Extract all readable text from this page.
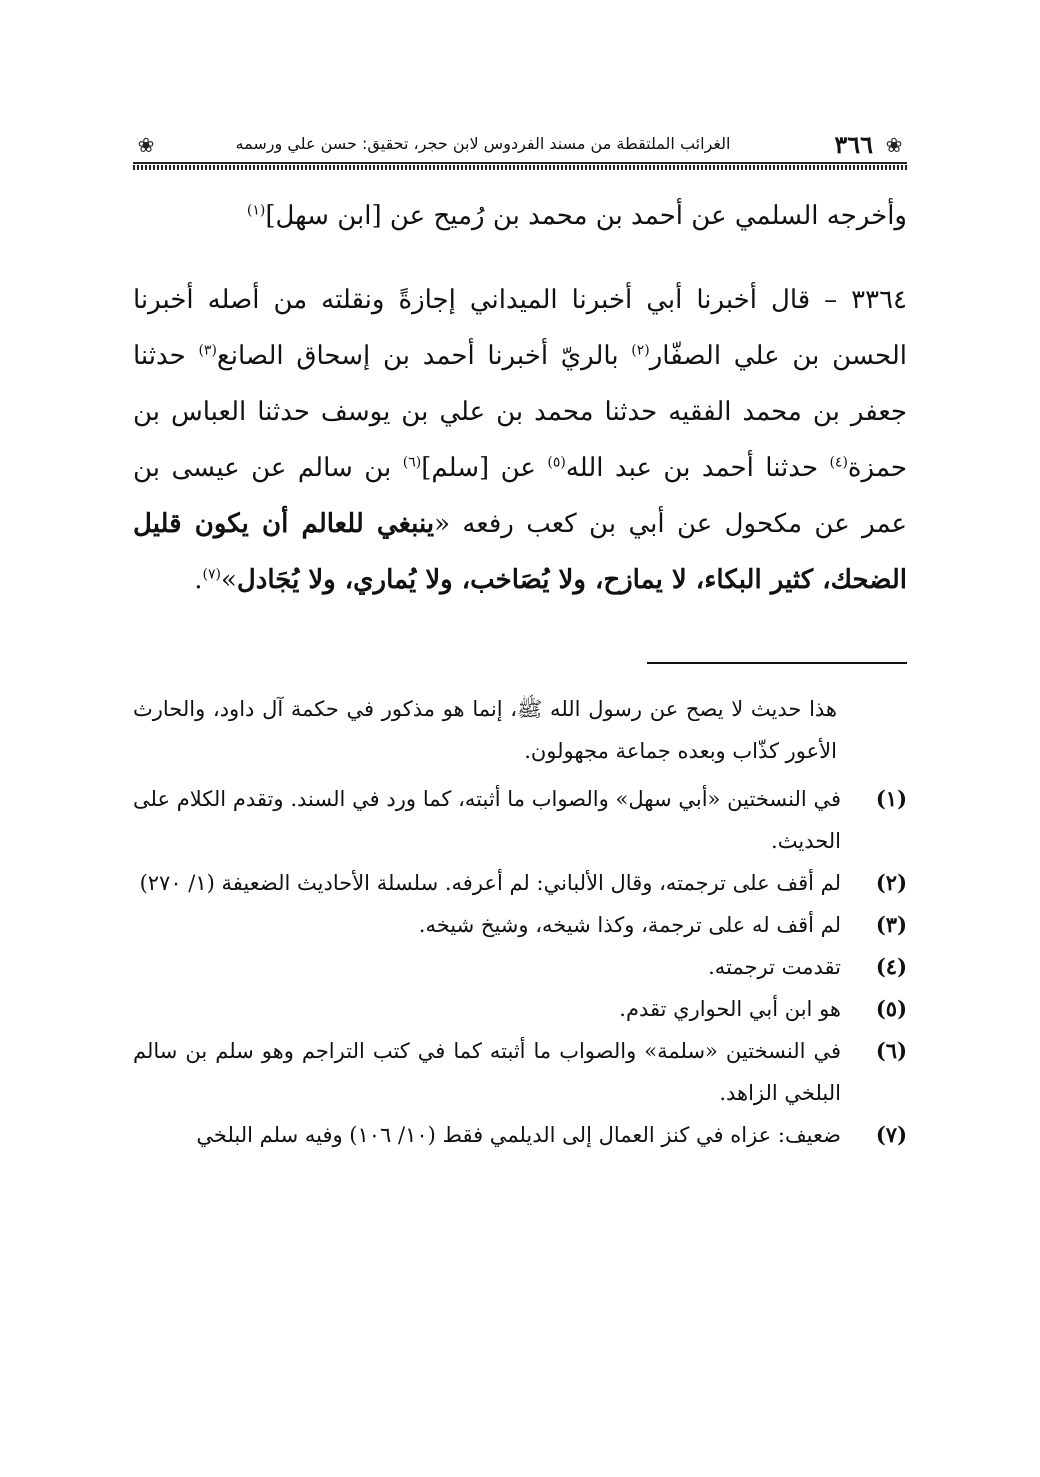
❀
٣٦٦
الغرائب الملتقطة من مسند الفردوس لابن حجر، تحقيق: حسن علي ورسمه
❀

وأخرجه السلمي عن أحمد بن محمد بن رُميح عن [ابن سهل]$^{(١)}$

٣٣٦٤ – قال أخبرنا أبي أخبرنا الميداني إجازةً ونقلته من أصله أخبرنا الحسن بن علي الصفّار$^{(٢)}$ بالريّ أخبرنا أحمد بن إسحاق الصانع$^{(٣)}$ حدثنا جعفر بن محمد الفقيه حدثنا محمد بن علي بن يوسف حدثنا العباس بن حمزة$^{(٤)}$ حدثنا أحمد بن عبد الله$^{(٥)}$ عن [سلم]$^{(٦)}$ بن سالم عن عيسى بن عمر عن مكحول عن أبي بن كعب رفعه «ينبغي للعالم أن يكون قليل الضحك، كثير البكاء، لا يمازح، ولا يُصَاخب، ولا يُماري، ولا يُجَادل»$^{(٧)}$.

هذا حديث لا يصح عن رسول الله ﷺ، إنما هو مذكور في حكمة آل داود، والحارث الأعور كذّاب وبعده جماعة مجهولون.

(١)
في النسختين «أبي سهل» والصواب ما أثبته، كما ورد في السند. وتقدم الكلام على الحديث.
(٢)
لم أقف على ترجمته، وقال الألباني: لم أعرفه. سلسلة الأحاديث الضعيفة (١/ ٢٧٠)
(٣)
لم أقف له على ترجمة، وكذا شيخه، وشيخ شيخه.
(٤)
تقدمت ترجمته.
(٥)
هو ابن أبي الحواري تقدم.
(٦)
في النسختين «سلمة» والصواب ما أثبته كما في كتب التراجم وهو سلم بن سالم البلخي الزاهد.
(٧)
ضعيف: عزاه في كنز العمال إلى الديلمي فقط (١٠/ ١٠٦) وفيه سلم البلخي
